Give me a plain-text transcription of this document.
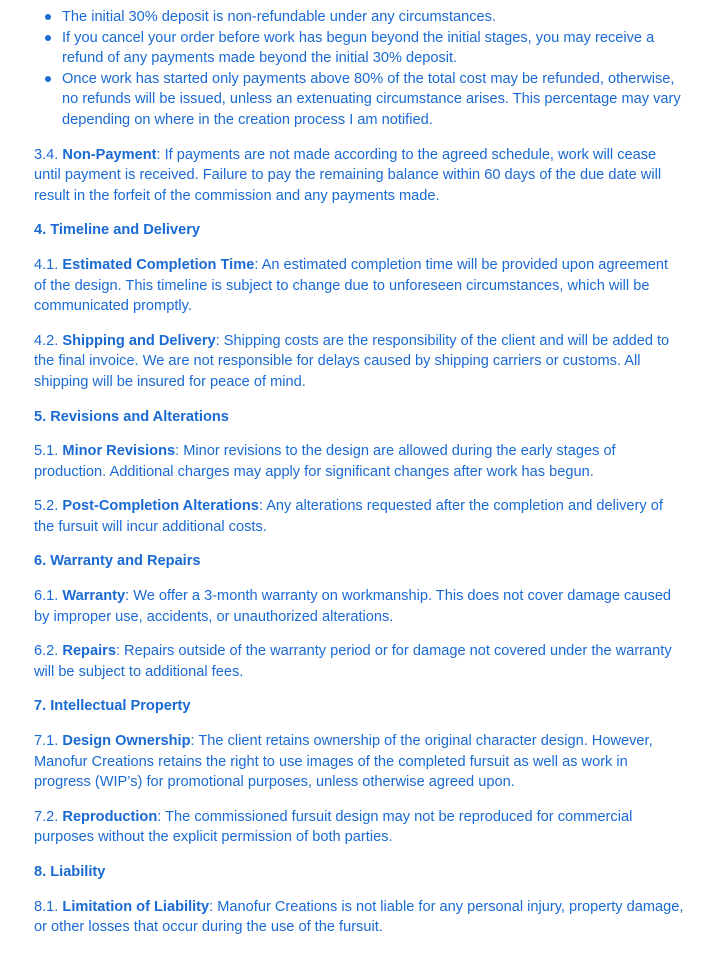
The initial 30% deposit is non-refundable under any circumstances.
If you cancel your order before work has begun beyond the initial stages, you may receive a refund of any payments made beyond the initial 30% deposit.
Once work has started only payments above 80% of the total cost may be refunded, otherwise, no refunds will be issued, unless an extenuating circumstance arises. This percentage may vary depending on where in the creation process I am notified.

3.4. Non-Payment: If payments are not made according to the agreed schedule, work will cease until payment is received. Failure to pay the remaining balance within 60 days of the due date will result in the forfeit of the commission and any payments made.

4. Timeline and Delivery

4.1. Estimated Completion Time: An estimated completion time will be provided upon agreement of the design. This timeline is subject to change due to unforeseen circumstances, which will be communicated promptly.

4.2. Shipping and Delivery: Shipping costs are the responsibility of the client and will be added to the final invoice. We are not responsible for delays caused by shipping carriers or customs. All shipping will be insured for peace of mind.

5. Revisions and Alterations

5.1. Minor Revisions: Minor revisions to the design are allowed during the early stages of production. Additional charges may apply for significant changes after work has begun.

5.2. Post-Completion Alterations: Any alterations requested after the completion and delivery of the fursuit will incur additional costs.

6. Warranty and Repairs

6.1. Warranty: We offer a 3-month warranty on workmanship. This does not cover damage caused by improper use, accidents, or unauthorized alterations.

6.2. Repairs: Repairs outside of the warranty period or for damage not covered under the warranty will be subject to additional fees.

7. Intellectual Property

7.1. Design Ownership: The client retains ownership of the original character design. However, Manofur Creations retains the right to use images of the completed fursuit as well as work in progress (WIP’s) for promotional purposes, unless otherwise agreed upon.

7.2. Reproduction: The commissioned fursuit design may not be reproduced for commercial purposes without the explicit permission of both parties.

8. Liability

8.1. Limitation of Liability: Manofur Creations is not liable for any personal injury, property damage, or other losses that occur during the use of the fursuit.
